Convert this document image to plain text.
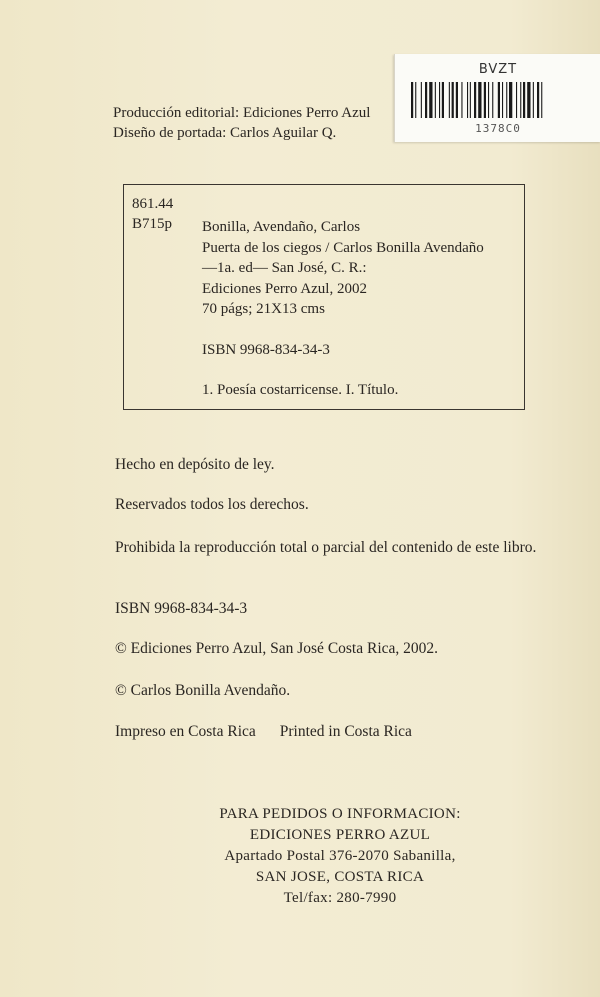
Producción editorial: Ediciones Perro Azul
Diseño de portada: Carlos Aguilar Q.
BVZT
1378C0
861.44
B715p Bonilla, Avendaño, Carlos
Puerta de los ciegos / Carlos Bonilla Avendaño
—1a. ed— San José, C. R.:
Ediciones Perro Azul, 2002
70 págs; 21X13 cms
ISBN 9968-834-34-3
1. Poesía costarricense. I. Título.

Hecho en depósito de ley.

Reservados todos los derechos.

Prohibida la reproducción total o parcial del contenido de este libro.

ISBN 9968-834-34-3

© Ediciones Perro Azul, San José Costa Rica, 2002.

© Carlos Bonilla Avendaño.

Impreso en Costa Rica Printed in Costa Rica

PARA PEDIDOS O INFORMACION:
EDICIONES PERRO AZUL
Apartado Postal 376-2070 Sabanilla,
SAN JOSE, COSTA RICA
Tel/fax: 280-7990
